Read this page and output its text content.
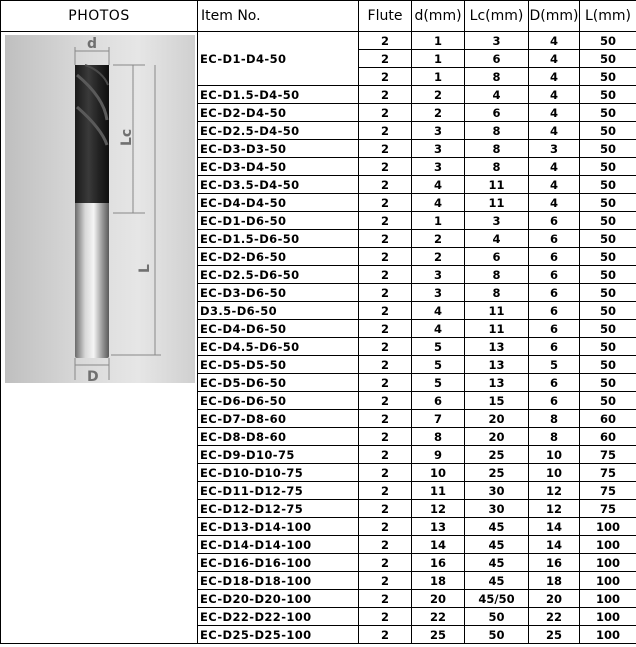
PHOTOS	Item No.	Flute	d(mm)	Lc(mm)	D(mm)	L(mm)

d
Lc
L
D	EC-D1-D4-50	2	1	3	4	50
		2	1	6	4	50
		2	1	8	4	50
	EC-D1.5-D4-50	2	2	4	4	50
	EC-D2-D4-50	2	2	6	4	50
	EC-D2.5-D4-50	2	3	8	4	50
	EC-D3-D3-50	2	3	8	3	50
	EC-D3-D4-50	2	3	8	4	50
	EC-D3.5-D4-50	2	4	11	4	50
	EC-D4-D4-50	2	4	11	4	50
	EC-D1-D6-50	2	1	3	6	50
	EC-D1.5-D6-50	2	2	4	6	50
	EC-D2-D6-50	2	2	6	6	50
	EC-D2.5-D6-50	2	3	8	6	50
	EC-D3-D6-50	2	3	8	6	50
	D3.5-D6-50	2	4	11	6	50
	EC-D4-D6-50	2	4	11	6	50
	EC-D4.5-D6-50	2	5	13	6	50
	EC-D5-D5-50	2	5	13	5	50
	EC-D5-D6-50	2	5	13	6	50
	EC-D6-D6-50	2	6	15	6	50
	EC-D7-D8-60	2	7	20	8	60
	EC-D8-D8-60	2	8	20	8	60
	EC-D9-D10-75	2	9	25	10	75
	EC-D10-D10-75	2	10	25	10	75
	EC-D11-D12-75	2	11	30	12	75
	EC-D12-D12-75	2	12	30	12	75
	EC-D13-D14-100	2	13	45	14	100
	EC-D14-D14-100	2	14	45	14	100
	EC-D16-D16-100	2	16	45	16	100
	EC-D18-D18-100	2	18	45	18	100
	EC-D20-D20-100	2	20	45/50	20	100
	EC-D22-D22-100	2	22	50	22	100
	EC-D25-D25-100	2	25	50	25	100
